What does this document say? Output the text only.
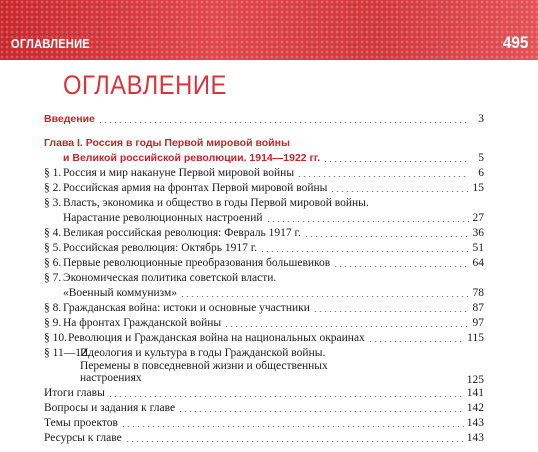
ОГЛАВЛЕНИЕ	495
ОГЛАВЛЕНИЕ
Введение	3
Глава I. Россия в годы Первой мировой войны
и Великой российской революции. 1914—1922 гг.	5
§ 1. Россия и мир накануне Первой мировой войны	6
§ 2. Российская армия на фронтах Первой мировой войны	15
§ 3. Власть, экономика и общество в годы Первой мировой войны.
Нарастание революционных настроений	27
§ 4. Великая российская революция: Февраль 1917 г.	36
§ 5. Российская революция: Октябрь 1917 г.	51
§ 6. Первые революционные преобразования большевиков	64
§ 7. Экономическая политика советской власти.
«Военный коммунизм»	78
§ 8. Гражданская война: истоки и основные участники	87
§ 9. На фронтах Гражданской войны	97
§ 10. Революция и Гражданская война на национальных окраинах	115
§ 11—12.Идеология и культура в годы Гражданской войны.
Перемены в повседневной жизни и общественных
настроениях	125
Итоги главы	141
Вопросы и задания к главе	142
Темы проектов	143
Ресурсы к главе	143
